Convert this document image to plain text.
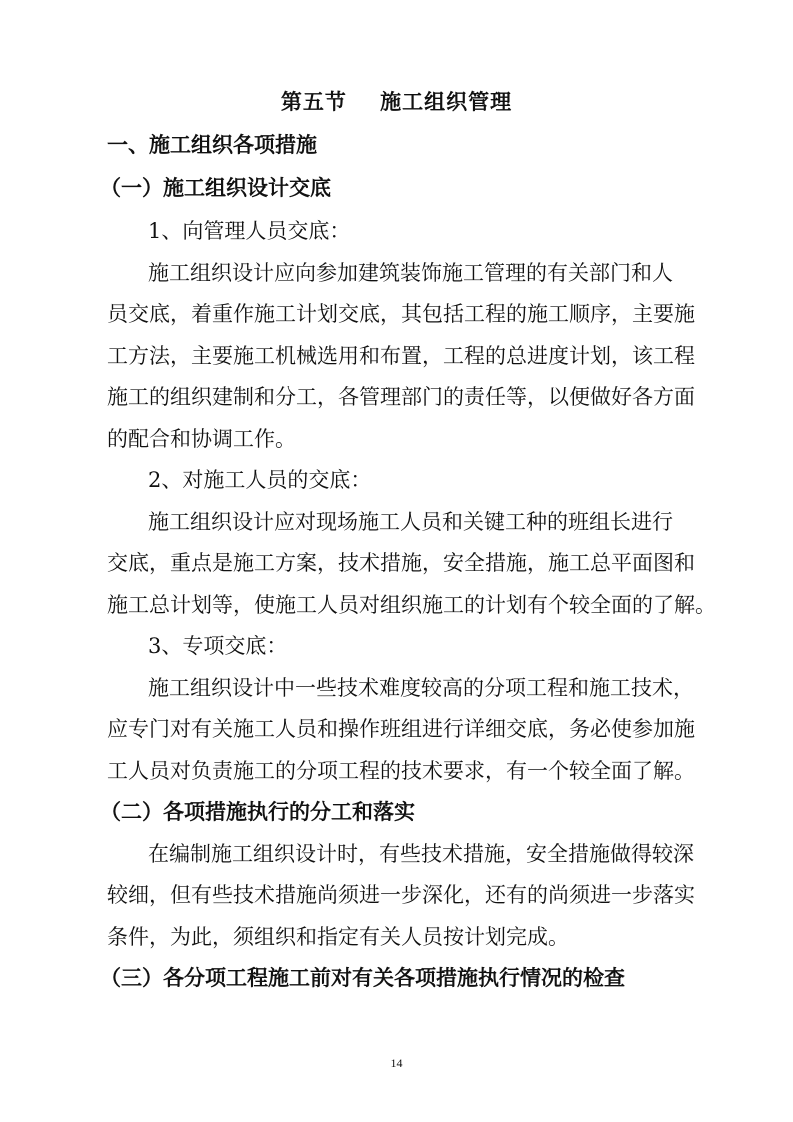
第五节    施工组织管理
一、施工组织各项措施
（一）施工组织设计交底
1、向管理人员交底：
施工组织设计应向参加建筑装饰施工管理的有关部门和人
员交底，着重作施工计划交底，其包括工程的施工顺序，主要施
工方法，主要施工机械选用和布置，工程的总进度计划，该工程
施工的组织建制和分工，各管理部门的责任等，以便做好各方面
的配合和协调工作。
2、对施工人员的交底：
施工组织设计应对现场施工人员和关键工种的班组长进行
交底，重点是施工方案，技术措施，安全措施，施工总平面图和
施工总计划等，使施工人员对组织施工的计划有个较全面的了解。
3、专项交底：
施工组织设计中一些技术难度较高的分项工程和施工技术，
应专门对有关施工人员和操作班组进行详细交底，务必使参加施
工人员对负责施工的分项工程的技术要求，有一个较全面了解。
（二）各项措施执行的分工和落实
在编制施工组织设计时，有些技术措施，安全措施做得较深
较细，但有些技术措施尚须进一步深化，还有的尚须进一步落实
条件，为此，须组织和指定有关人员按计划完成。
（三）各分项工程施工前对有关各项措施执行情况的检查
14
